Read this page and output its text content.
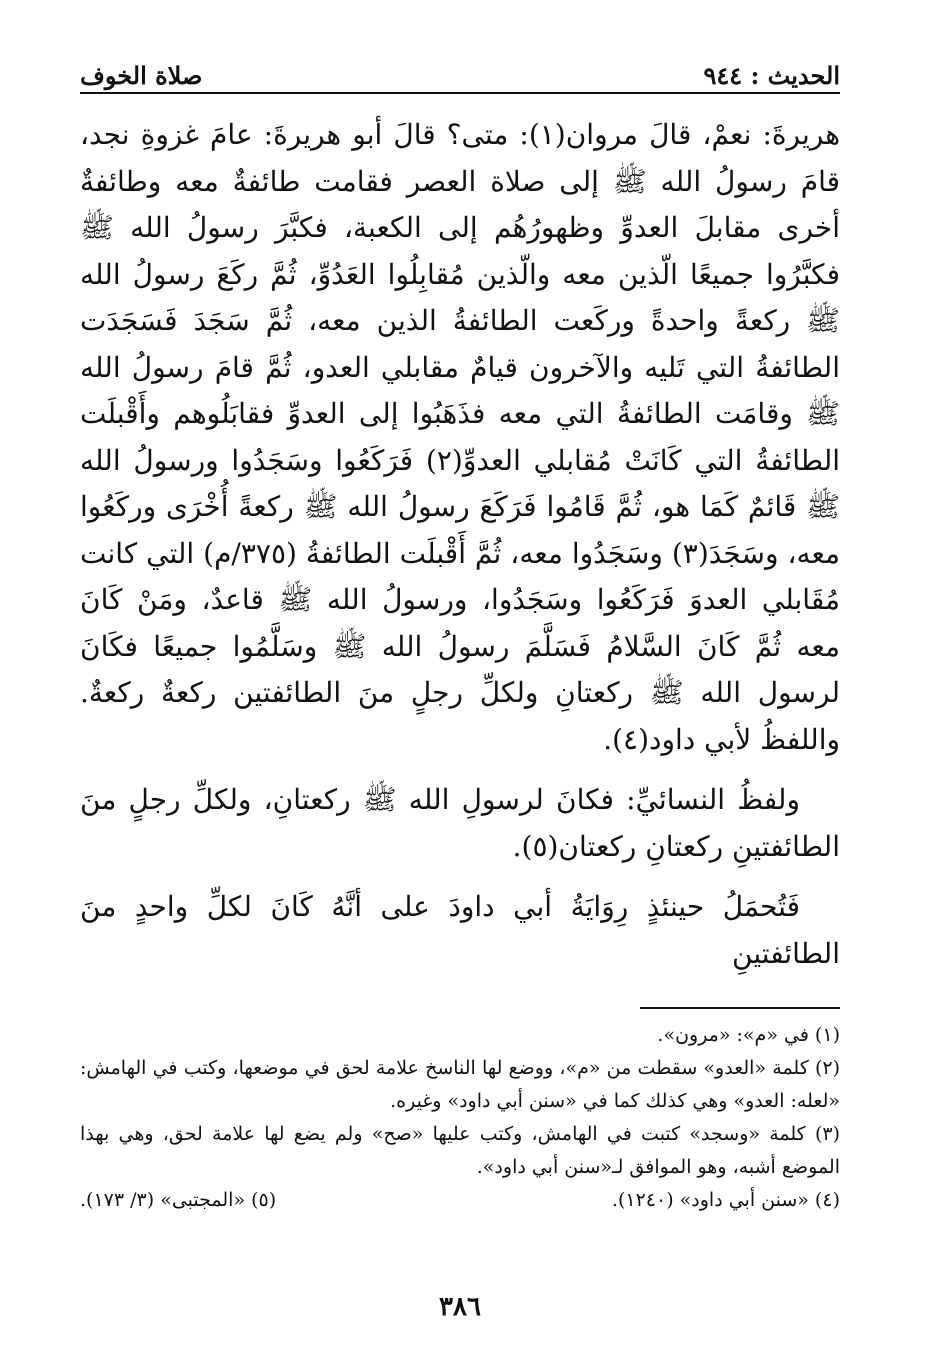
الحديث : ٩٤٤
صلاة الخوف

هريرةَ: نعمْ، قالَ مروان(١): متى؟ قالَ أبو هريرةَ: عامَ غزوةِ نجد، قامَ رسولُ الله ﷺ إلى صلاة العصر فقامت طائفةٌ معه وطائفةٌ أخرى مقابلَ العدوِّ وظهورُهُم إلى الكعبة، فكبَّرَ رسولُ الله ﷺ فكبَّرُوا جميعًا الّذين معه والّذين مُقابِلُوا العَدُوِّ، ثُمَّ ركَعَ رسولُ الله ﷺ ركعةً واحدةً وركَعت الطائفةُ الذين معه، ثُمَّ سَجَدَ فَسَجَدَت الطائفةُ التي تَليه والآخرون قيامٌ مقابلي العدو، ثُمَّ قامَ رسولُ الله ﷺ وقامَت الطائفةُ التي معه فذَهَبُوا إلى العدوِّ فقابَلُوهم وأَقْبلَت الطائفةُ التي كَانَتْ مُقابلي العدوِّ(٢) فَرَكَعُوا وسَجَدُوا ورسولُ الله ﷺ قَائمٌ كَمَا هو، ثُمَّ قَامُوا فَرَكَعَ رسولُ الله ﷺ ركعةً أُخْرَى وركَعُوا معه، وسَجَدَ(٣) وسَجَدُوا معه، ثُمَّ أَقْبلَت الطائفةُ (٣٧٥/م) التي كانت مُقَابلي العدوَ فَرَكَعُوا وسَجَدُوا، ورسولُ الله ﷺ قاعدٌ، ومَنْ كَانَ معه ثُمَّ كَانَ السَّلامُ فَسَلَّمَ رسولُ الله ﷺ وسَلَّمُوا جميعًا فكَانَ لرسول الله ﷺ ركعتانِ ولكلِّ رجلٍ منَ الطائفتين ركعةٌ ركعةٌ. واللفظُ لأبي داود(٤).

ولفظُ النسائيِّ: فكانَ لرسولِ الله ﷺ ركعتانِ، ولكلِّ رجلٍ منَ الطائفتينِ ركعتانِ ركعتان(٥).

فَتُحمَلُ حينئذٍ رِوَايَةُ أبي داودَ على أنَّهُ كَانَ لكلِّ واحدٍ منَ الطائفتينِ

(١) في «م»: «مرون».

(٢) كلمة «العدو» سقطت من «م»، ووضع لها الناسخ علامة لحق في موضعها، وكتب في الهامش: «لعله: العدو» وهي كذلك كما في «سنن أبي داود» وغيره.

(٣) كلمة «وسجد» كتبت في الهامش، وكتب عليها «صح» ولم يضع لها علامة لحق، وهي بهذا الموضع أشبه، وهو الموافق لـ«سنن أبي داود».

(٤) «سنن أبي داود» (١٢٤٠).
(٥) «المجتبى» (٣/ ١٧٣).
٣٨٦
